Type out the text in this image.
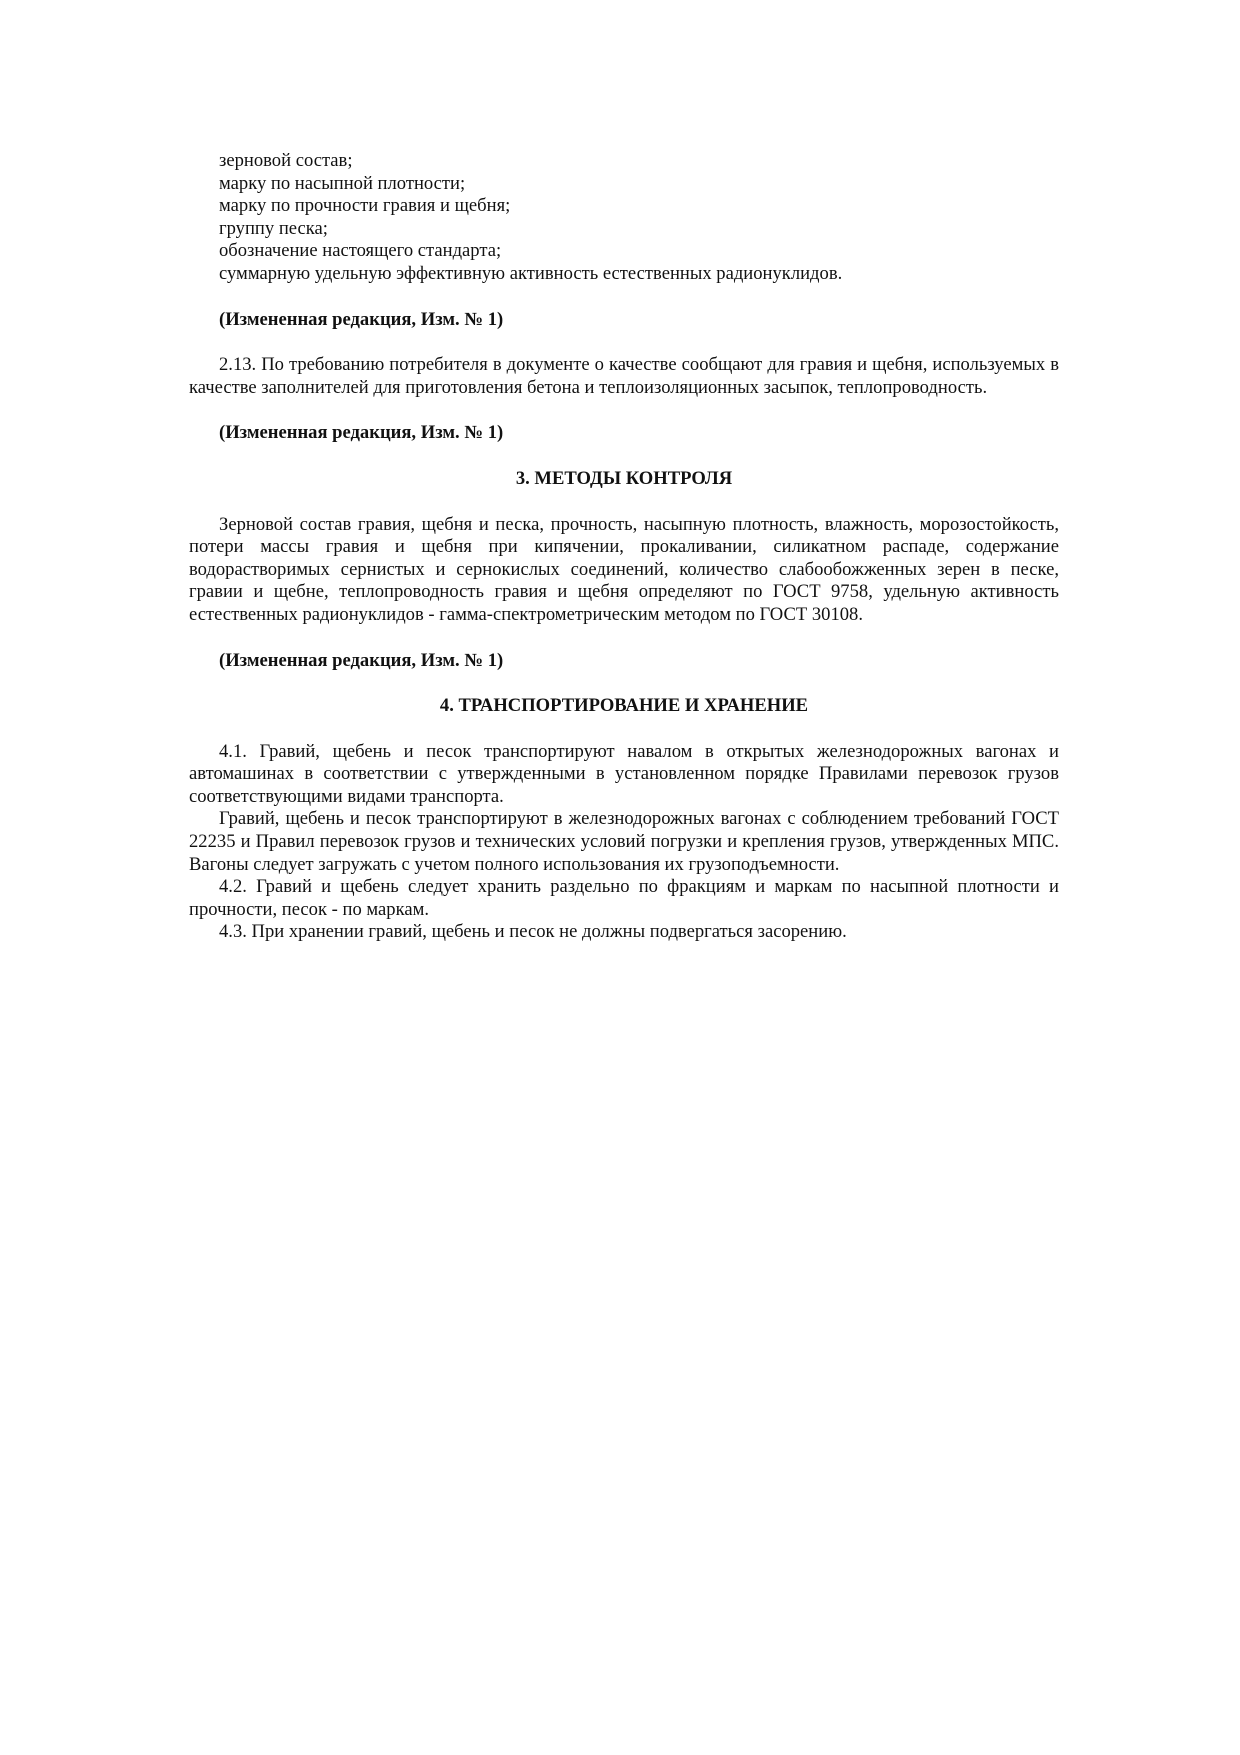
зерновой состав;

марку по насыпной плотности;

марку по прочности гравия и щебня;

группу песка;

обозначение настоящего стандарта;

суммарную удельную эффективную активность естественных радионуклидов.

(Измененная редакция, Изм. № 1)

2.13. По требованию потребителя в документе о качестве сообщают для гравия и щебня, используемых в качестве заполнителей для приготовления бетона и теплоизоляционных засыпок, теплопроводность.

(Измененная редакция, Изм. № 1)

3. МЕТОДЫ КОНТРОЛЯ

Зерновой состав гравия, щебня и песка, прочность, насыпную плотность, влажность, морозостойкость, потери массы гравия и щебня при кипячении, прокаливании, силикатном распаде, содержание водорастворимых сернистых и сернокислых соединений, количество слабообожженных зерен в песке, гравии и щебне, теплопроводность гравия и щебня определяют по ГОСТ 9758, удельную активность естественных радионуклидов - гамма-спектрометрическим методом по ГОСТ 30108.

(Измененная редакция, Изм. № 1)

4. ТРАНСПОРТИРОВАНИЕ И ХРАНЕНИЕ

4.1. Гравий, щебень и песок транспортируют навалом в открытых железнодорожных вагонах и автомашинах в соответствии с утвержденными в установленном порядке Правилами перевозок грузов соответствующими видами транспорта.

Гравий, щебень и песок транспортируют в железнодорожных вагонах с соблюдением требований ГОСТ 22235 и Правил перевозок грузов и технических условий погрузки и крепления грузов, утвержденных МПС. Вагоны следует загружать с учетом полного использования их грузоподъемности.

4.2. Гравий и щебень следует хранить раздельно по фракциям и маркам по насыпной плотности и прочности, песок - по маркам.

4.3. При хранении гравий, щебень и песок не должны подвергаться засорению.
